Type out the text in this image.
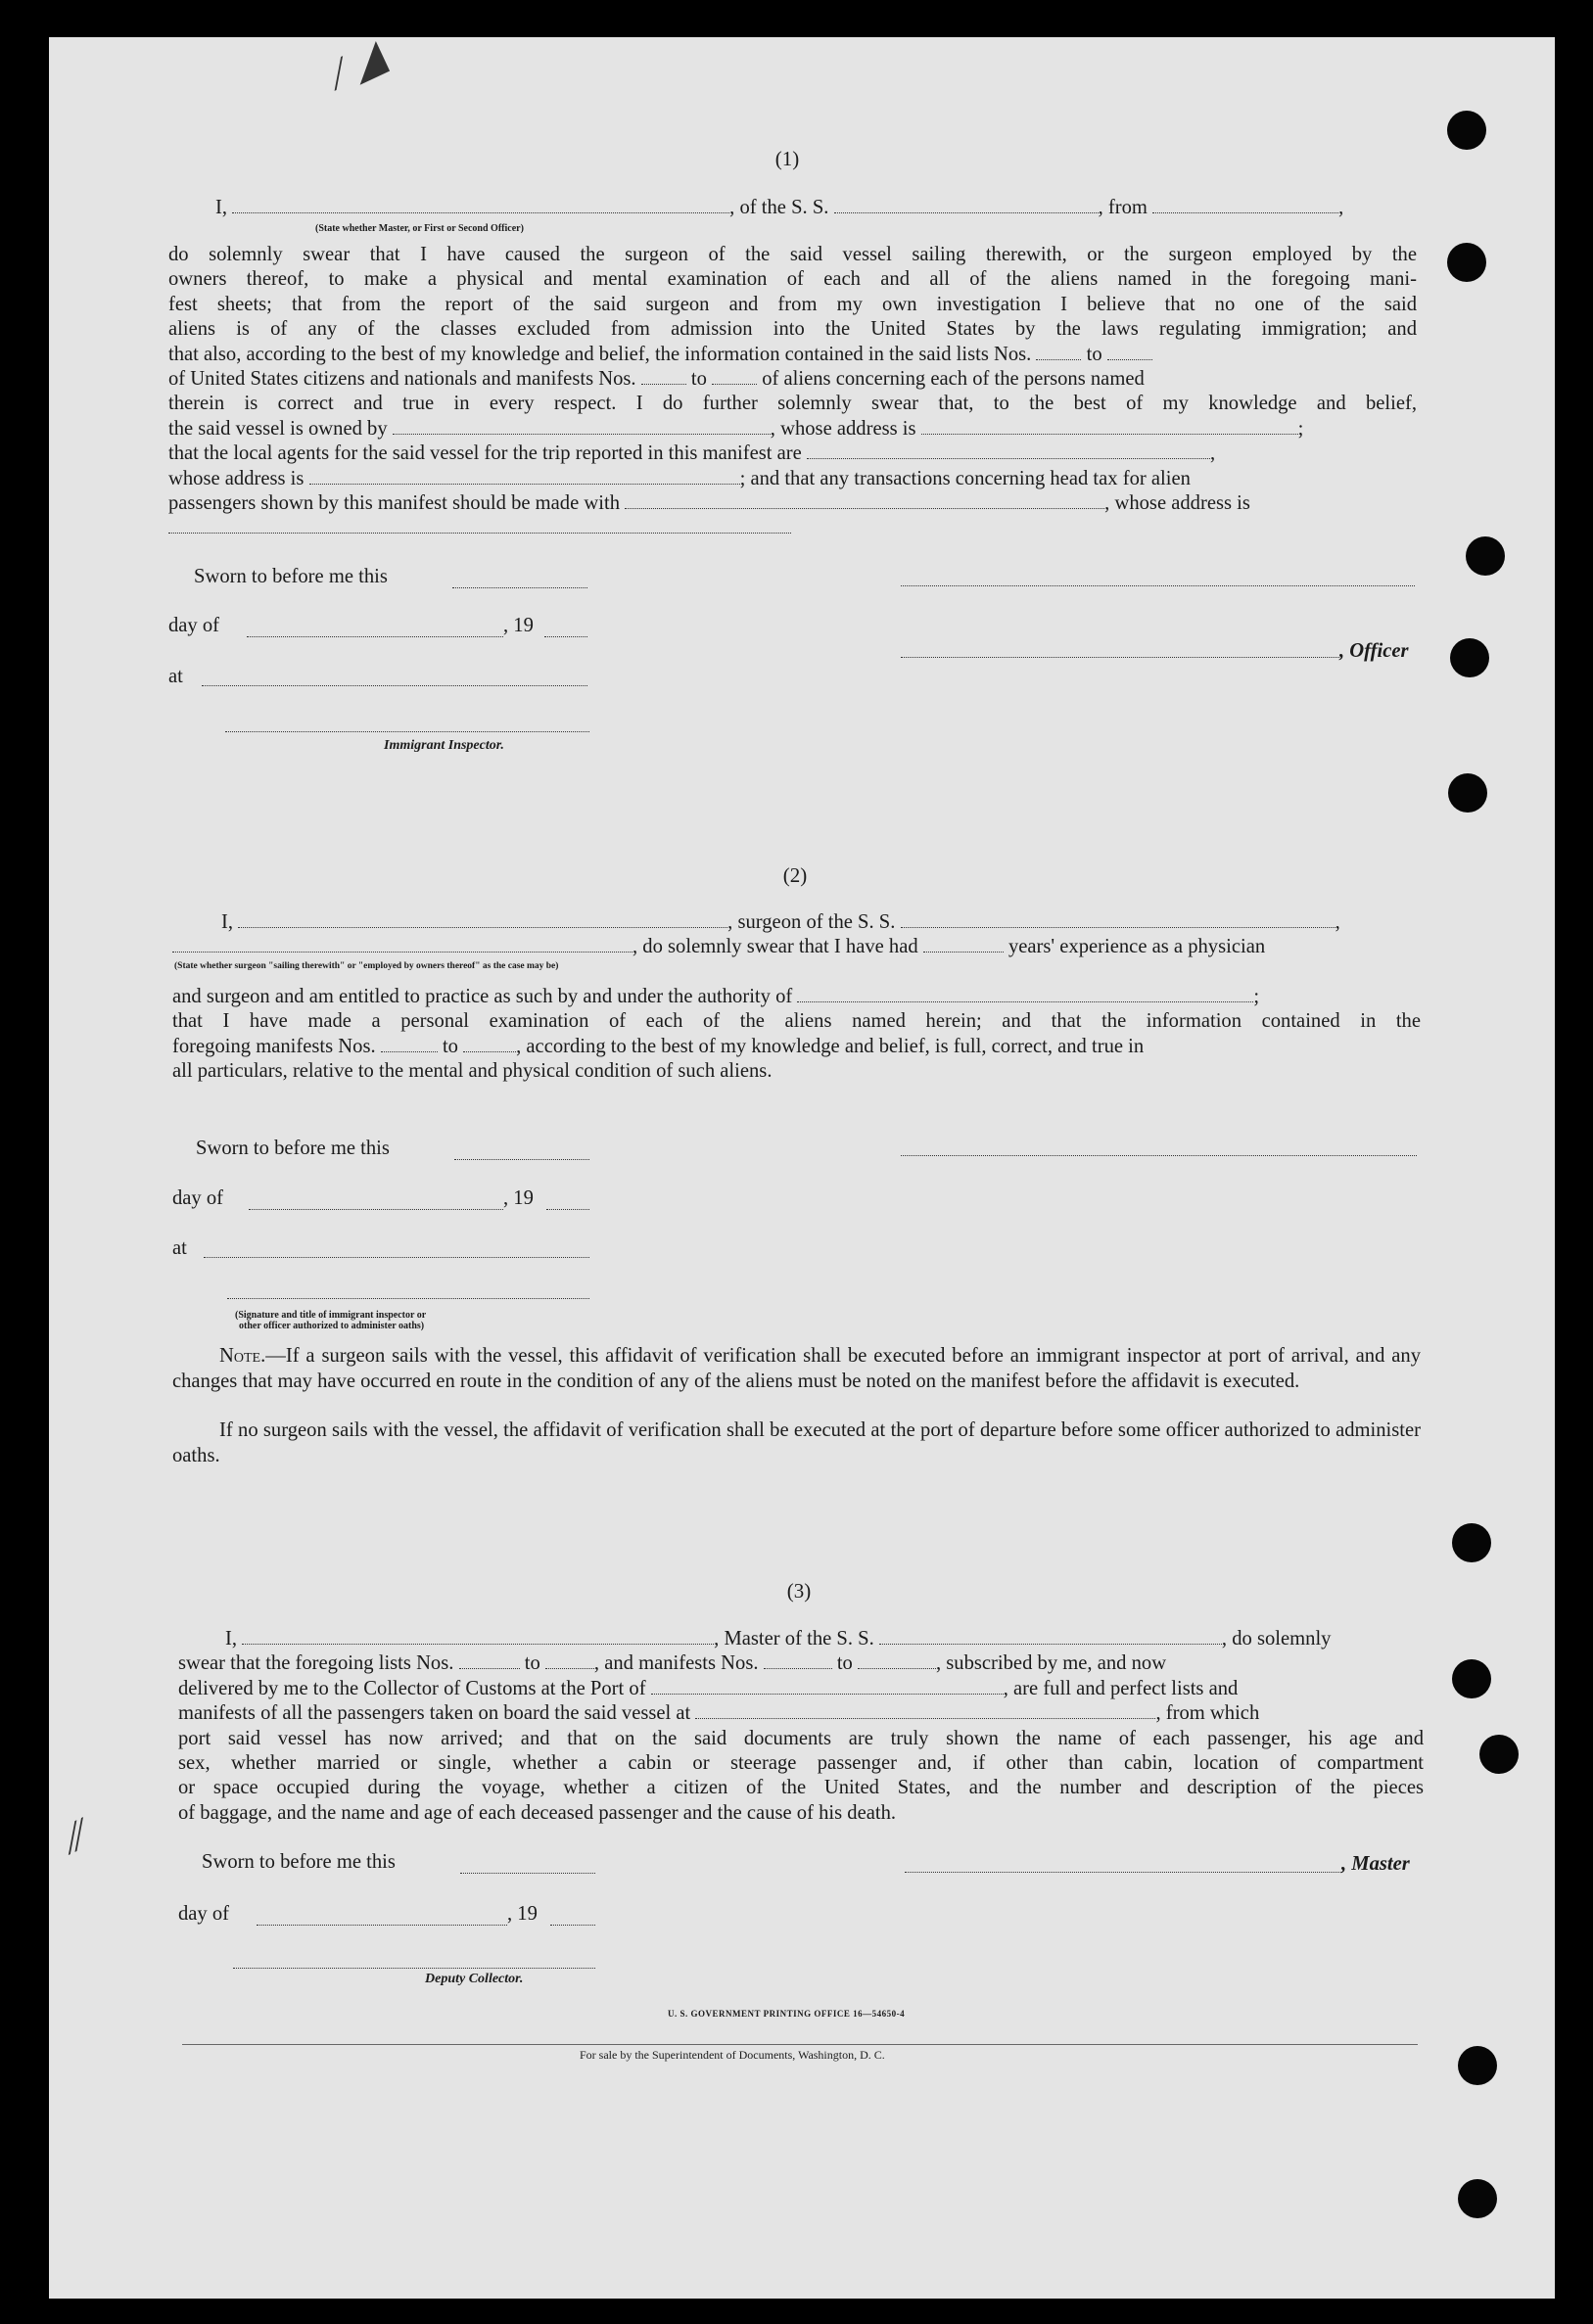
⁄ ◢
⁄⁄
(1)
I,	, of the S. S.	, from	,
(State whether Master, or First or Second Officer)
do solemnly swear that I have caused the surgeon of the said vessel sailing therewith, or the surgeon employed by the
owners thereof, to make a physical and mental examination of each and all of the aliens named in the foregoing mani-
fest sheets; that from the report of the said surgeon and from my own investigation I believe that no one of the said
aliens is of any of the classes excluded from admission into the United States by the laws regulating immigration; and
that also, according to the best of my knowledge and belief, the information contained in the said lists Nos.	to
of United States citizens and nationals and manifests Nos.	to	of aliens concerning each of the persons named
therein is correct and true in every respect. I do further solemnly swear that, to the best of my knowledge and belief,
the said vessel is owned by	, whose address is	;
that the local agents for the said vessel for the trip reported in this manifest are	,
whose address is	; and that any transactions concerning head tax for alien
passengers shown by this manifest should be made with	, whose address is
Sworn to before me this
day of	, 19
, Officer
at
Immigrant Inspector.
(2)
I,	, surgeon of the S. S.	,
, do solemnly swear that I have had	years' experience as a physician
(State whether surgeon "sailing therewith" or "employed by owners thereof" as the case may be)
and surgeon and am entitled to practice as such by and under the authority of	;
that I have made a personal examination of each of the aliens named herein; and that the information contained in the
foregoing manifests Nos.	to	, according to the best of my knowledge and belief, is full, correct, and true in
all particulars, relative to the mental and physical condition of such aliens.
Sworn to before me this
day of	, 19
at
(Signature and title of immigrant inspector or
other officer authorized to administer oaths)
Note.—If a surgeon sails with the vessel, this affidavit of verification shall be executed before an immigrant inspector at port of arrival, and any changes that may have occurred en route in the condition of any of the aliens must be noted on the manifest before the affidavit is executed.
If no surgeon sails with the vessel, the affidavit of verification shall be executed at the port of departure before some officer authorized to administer oaths.
(3)
I,	, Master of the S. S.	, do solemnly
swear that the foregoing lists Nos.	to	, and manifests Nos.	to	, subscribed by me, and now
delivered by me to the Collector of Customs at the Port of	, are full and perfect lists and
manifests of all the passengers taken on board the said vessel at	, from which
port said vessel has now arrived; and that on the said documents are truly shown the name of each passenger, his age and
sex, whether married or single, whether a cabin or steerage passenger and, if other than cabin, location of compartment
or space occupied during the voyage, whether a citizen of the United States, and the number and description of the pieces
of baggage, and the name and age of each deceased passenger and the cause of his death.
Sworn to before me this	, Master
day of	, 19
Deputy Collector.
U. S. GOVERNMENT PRINTING OFFICE 16—54650-4
For sale by the Superintendent of Documents, Washington, D. C.
